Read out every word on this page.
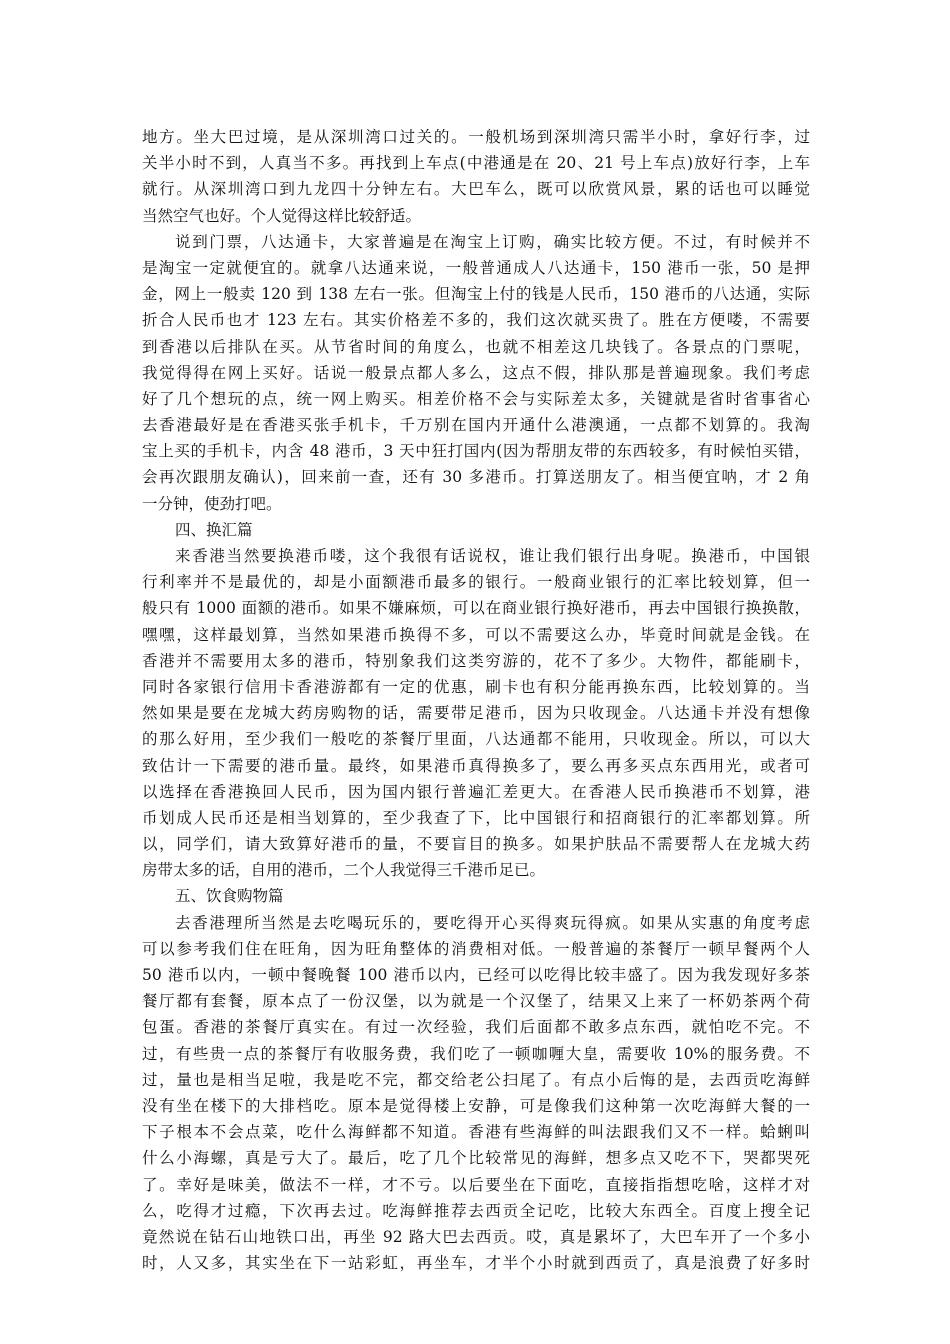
地方。坐大巴过境，是从深圳湾口过关的。一般机场到深圳湾只需半小时，拿好行李，过
关半小时不到，人真当不多。再找到上车点(中港通是在 20、21 号上车点)放好行李，上车
就行。从深圳湾口到九龙四十分钟左右。大巴车么，既可以欣赏风景，累的话也可以睡觉
当然空气也好。个人觉得这样比较舒适。
说到门票，八达通卡，大家普遍是在淘宝上订购，确实比较方便。不过，有时候并不
是淘宝一定就便宜的。就拿八达通来说，一般普通成人八达通卡，150 港币一张，50 是押
金，网上一般卖 120 到 138 左右一张。但淘宝上付的钱是人民币，150 港币的八达通，实际
折合人民币也才 123 左右。其实价格差不多的，我们这次就买贵了。胜在方便喽，不需要
到香港以后排队在买。从节省时间的角度么，也就不相差这几块钱了。各景点的门票呢，
我觉得得在网上买好。话说一般景点都人多么，这点不假，排队那是普遍现象。我们考虑
好了几个想玩的点，统一网上购买。相差价格不会与实际差太多，关键就是省时省事省心
去香港最好是在香港买张手机卡，千万别在国内开通什么港澳通，一点都不划算的。我淘
宝上买的手机卡，内含 48 港币，3 天中狂打国内(因为帮朋友带的东西较多，有时候怕买错，
会再次跟朋友确认)，回来前一查，还有 30 多港币。打算送朋友了。相当便宜呐，才 2 角
一分钟，使劲打吧。
四、换汇篇
来香港当然要换港币喽，这个我很有话说权，谁让我们银行出身呢。换港币，中国银
行利率并不是最优的，却是小面额港币最多的银行。一般商业银行的汇率比较划算，但一
般只有 1000 面额的港币。如果不嫌麻烦，可以在商业银行换好港币，再去中国银行换换散，
嘿嘿，这样最划算，当然如果港币换得不多，可以不需要这么办，毕竟时间就是金钱。在
香港并不需要用太多的港币，特别象我们这类穷游的，花不了多少。大物件，都能刷卡，
同时各家银行信用卡香港游都有一定的优惠，刷卡也有积分能再换东西，比较划算的。当
然如果是要在龙城大药房购物的话，需要带足港币，因为只收现金。八达通卡并没有想像
的那么好用，至少我们一般吃的茶餐厅里面，八达通都不能用，只收现金。所以，可以大
致估计一下需要的港币量。最终，如果港币真得换多了，要么再多买点东西用光，或者可
以选择在香港换回人民币，因为国内银行普遍汇差更大。在香港人民币换港币不划算，港
币划成人民币还是相当划算的，至少我查了下，比中国银行和招商银行的汇率都划算。所
以，同学们，请大致算好港币的量，不要盲目的换多。如果护肤品不需要帮人在龙城大药
房带太多的话，自用的港币，二个人我觉得三千港币足已。
五、饮食购物篇
去香港理所当然是去吃喝玩乐的，要吃得开心买得爽玩得疯。如果从实惠的角度考虑
可以参考我们住在旺角，因为旺角整体的消费相对低。一般普遍的茶餐厅一顿早餐两个人
50 港币以内，一顿中餐晚餐 100 港币以内，已经可以吃得比较丰盛了。因为我发现好多茶
餐厅都有套餐，原本点了一份汉堡，以为就是一个汉堡了，结果又上来了一杯奶茶两个荷
包蛋。香港的茶餐厅真实在。有过一次经验，我们后面都不敢多点东西，就怕吃不完。不
过，有些贵一点的茶餐厅有收服务费，我们吃了一顿咖喱大皇，需要收 10%的服务费。不
过，量也是相当足啦，我是吃不完，都交给老公扫尾了。有点小后悔的是，去西贡吃海鲜
没有坐在楼下的大排档吃。原本是觉得楼上安静，可是像我们这种第一次吃海鲜大餐的一
下子根本不会点菜，吃什么海鲜都不知道。香港有些海鲜的叫法跟我们又不一样。蛤蜊叫
什么小海螺，真是亏大了。最后，吃了几个比较常见的海鲜，想多点又吃不下，哭都哭死
了。幸好是味美，做法不一样，才不亏。以后要坐在下面吃，直接指指想吃啥，这样才对
么，吃得才过瘾，下次再去过。吃海鲜推荐去西贡全记吃，比较大东西全。百度上搜全记
竟然说在钻石山地铁口出，再坐 92 路大巴去西贡。哎，真是累坏了，大巴车开了一个多小
时，人又多，其实坐在下一站彩虹，再坐车，才半个小时就到西贡了，真是浪费了好多时
